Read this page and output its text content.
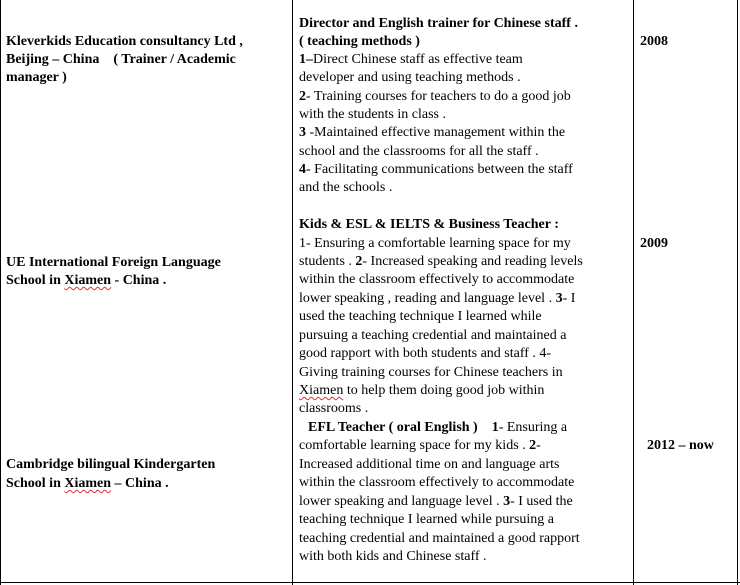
Kleverkids Education consultancy Ltd ,
Beijing – China ( Trainer / Academic
manager )
Director and English trainer for Chinese staff .
( teaching methods )
1–Direct Chinese staff as effective team
developer and using teaching methods .
2- Training courses for teachers to do a good job
with the students in class .
3 -Maintained effective management within the
school and the classrooms for all the staff .
4- Facilitating communications between the staff
and the schools .
2008
UE International Foreign Language
School in Xiamen - China .
Kids & ESL & IELTS & Business Teacher :
1- Ensuring a comfortable learning space for my
students . 2- Increased speaking and reading levels
within the classroom effectively to accommodate
lower speaking , reading and language level . 3- I
used the teaching technique I learned while
pursuing a teaching credential and maintained a
good rapport with both students and staff . 4-
Giving training courses for Chinese teachers in
Xiamen to help them doing good job within
classrooms .
2009
Cambridge bilingual Kindergarten
School in Xiamen – China .
EFL Teacher ( oral English ) 1- Ensuring a
comfortable learning space for my kids . 2-
Increased additional time on and language arts
within the classroom effectively to accommodate
lower speaking and language level . 3- I used the
teaching technique I learned while pursuing a
teaching credential and maintained a good rapport
with both kids and Chinese staff .
2012 – now
